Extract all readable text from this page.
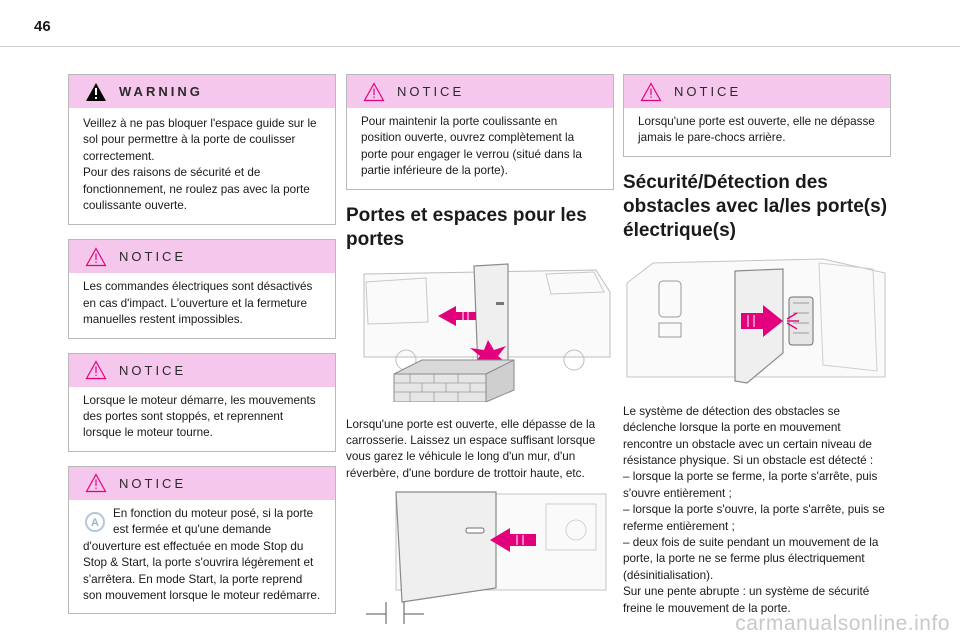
46
WARNING

Veillez à ne pas bloquer l'espace guide sur le sol pour permettre à la porte de coulisser correctement.
Pour des raisons de sécurité et de fonctionnement, ne roulez pas avec la porte coulissante ouverte.

NOTICE

Les commandes électriques sont désactivés en cas d'impact. L'ouverture et la fermeture manuelles restent impossibles.

NOTICE

Lorsque le moteur démarre, les mouvements des portes sont stoppés, et reprennent lorsque le moteur tourne.

NOTICE
A

En fonction du moteur posé, si la porte est fermée et qu'une demande d'ouverture est effectuée en mode Stop du Stop & Start, la porte s'ouvrira légèrement et s'arrêtera. En mode Start, la porte reprend son mouvement lorsque le moteur redémarre.

NOTICE

Pour maintenir la porte coulissante en position ouverte, ouvrez complètement la porte pour engager le verrou (situé dans la partie inférieure de la porte).

Portes et espaces pour les portes

Lorsqu'une porte est ouverte, elle dépasse de la carrosserie. Laissez un espace suffisant lorsque vous garez le véhicule le long d'un mur, d'un réverbère, d'une bordure de trottoir haute, etc.

NOTICE

Lorsqu'une porte est ouverte, elle ne dépasse jamais le pare-chocs arrière.

Sécurité/Détection des obstacles avec la/les porte(s) électrique(s)

Le système de détection des obstacles se déclenche lorsque la porte en mouvement rencontre un obstacle avec un certain niveau de résistance physique. Si un obstacle est détecté :
– lorsque la porte se ferme, la porte s'arrête, puis s'ouvre entièrement ;
– lorsque la porte s'ouvre, la porte s'arrête, puis se referme entièrement ;
– deux fois de suite pendant un mouvement de la porte, la porte ne se ferme plus électriquement (désinitialisation).
Sur une pente abrupte : un système de sécurité freine le mouvement de la porte.

carmanualsonline.info
